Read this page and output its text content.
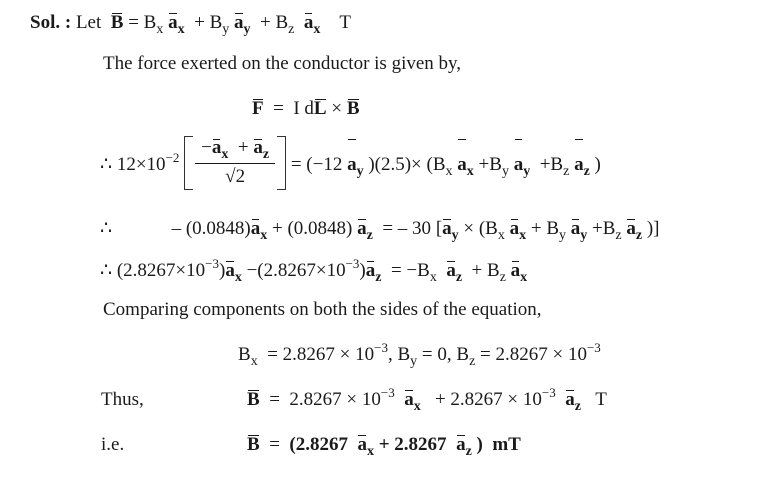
Sol. : Let $B = B_x$ $a_x + B_y$ $a_y + B_z$ $a_x$ T
The force exerted on the conductor is given by,
F = I dL × B
∴ $12\times 10^{-2} \frac{-a_x + a_z}{√2} = (-12$ $a_y$ )$(2.5)\times (B_x$ $a_x +B_y$ $a_y +B_z$ $a_z$ )
∴	– $(0.0848)a_x + (0.0848) a_z$ = – 30 [$a_y \times (B_x$ $a_x + B_y$ $a_y +B_z$ $a_z$ )]
∴ $(2.8267\times 10^{-3})a_x -(2.8267\times 10^{-3})a_z = -B_x$ $a_z + B_z$ $a_x$
Comparing components on both the sides of the equation,
$B_x = 2.8267 \times 10^{-3}$, $B_y = 0$, $B_z = 2.8267 \times 10^{-3}$
Thus,	$B = 2.8267 \times 10^{-3}$ $a_x + 2.8267 \times 10^{-3}$ $a_z$ T
i.e.	B = (2.8267 $a_x + 2.8267$ $a_z$ ) mT
